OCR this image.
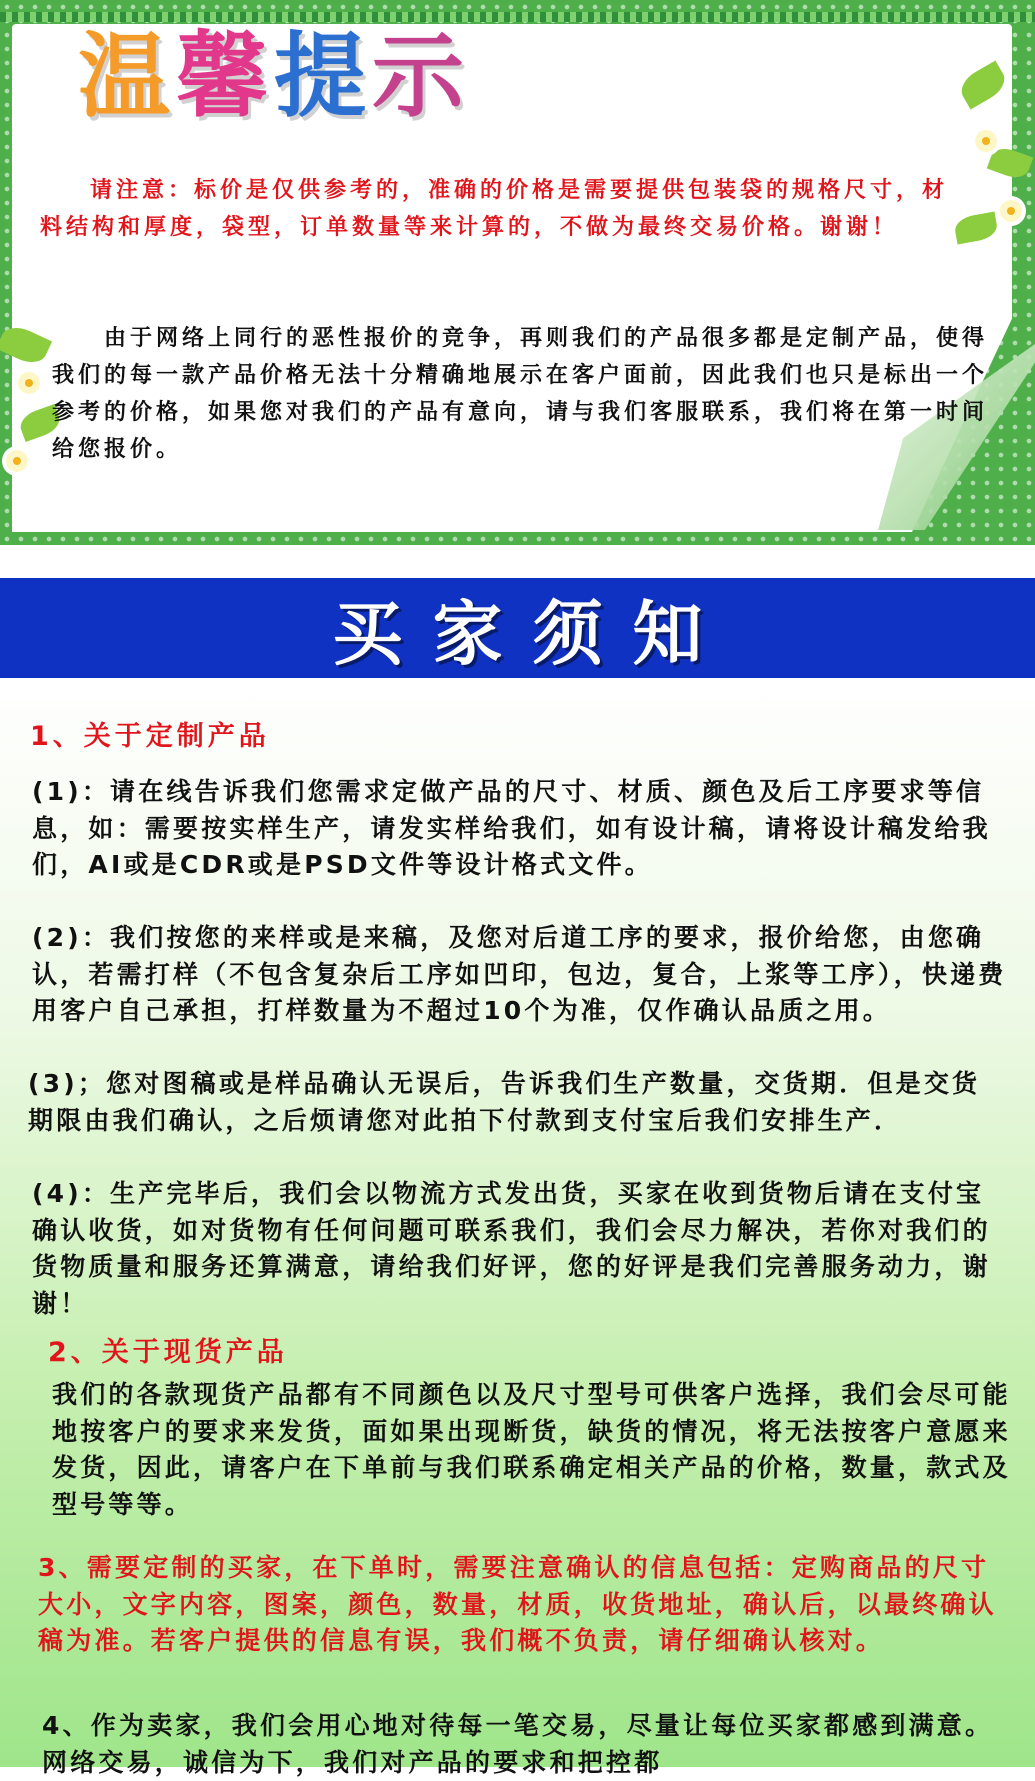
温 馨 提 示
请注意：标价是仅供参考的，准确的价格是需要提供包装袋的规格尺寸，材料结构和厚度，袋型，订单数量等来计算的，不做为最终交易价格。谢谢！
由于网络上同行的恶性报价的竞争，再则我们的产品很多都是定制产品，使得我们的每一款产品价格无法十分精确地展示在客户面前，因此我们也只是标出一个参考的价格，如果您对我们的产品有意向，请与我们客服联系，我们将在第一时间给您报价。
买家须知
1、关于定制产品
(1)：请在线告诉我们您需求定做产品的尺寸、材质、颜色及后工序要求等信息，如：需要按实样生产，请发实样给我们，如有设计稿，请将设计稿发给我们，AI或是CDR或是PSD文件等设计格式文件。
(2)：我们按您的来样或是来稿，及您对后道工序的要求，报价给您，由您确认，若需打样（不包含复杂后工序如凹印，包边，复合，上浆等工序），快递费用客户自己承担，打样数量为不超过10个为准，仅作确认品质之用。
(3)；您对图稿或是样品确认无误后，告诉我们生产数量，交货期．但是交货期限由我们确认，之后烦请您对此拍下付款到支付宝后我们安排生产．
(4)：生产完毕后，我们会以物流方式发出货，买家在收到货物后请在支付宝确认收货，如对货物有任何问题可联系我们，我们会尽力解决，若你对我们的货物质量和服务还算满意，请给我们好评，您的好评是我们完善服务动力，谢谢！
2、关于现货产品
我们的各款现货产品都有不同颜色以及尺寸型号可供客户选择，我们会尽可能地按客户的要求来发货，面如果出现断货，缺货的情况，将无法按客户意愿来发货，因此，请客户在下单前与我们联系确定相关产品的价格，数量，款式及型号等等。
3、需要定制的买家，在下单时，需要注意确认的信息包括：定购商品的尺寸大小，文字内容，图案，颜色，数量，材质，收货地址，确认后，以最终确认稿为准。若客户提供的信息有误，我们概不负责，请仔细确认核对。
4、作为卖家，我们会用心地对待每一笔交易，尽量让每位买家都感到满意。网络交易，诚信为下，我们对产品的要求和把控都
